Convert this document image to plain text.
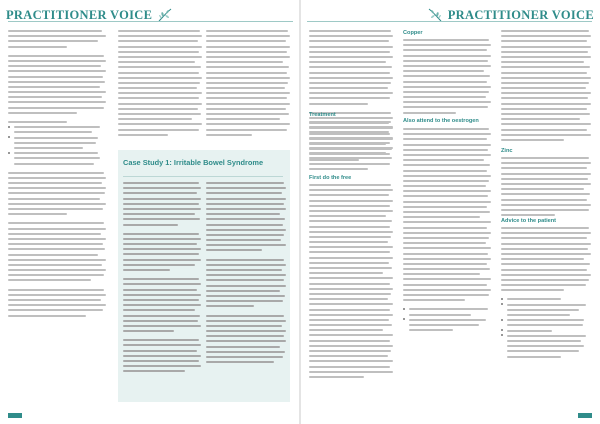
PRACTITIONER VOICE
Case Study 1: Irritable Bowel Syndrome
PRACTITIONER VOICE
Treatment
First do the free
Copper
Also attend to the oestrogen
Zinc
Advice to the patient
